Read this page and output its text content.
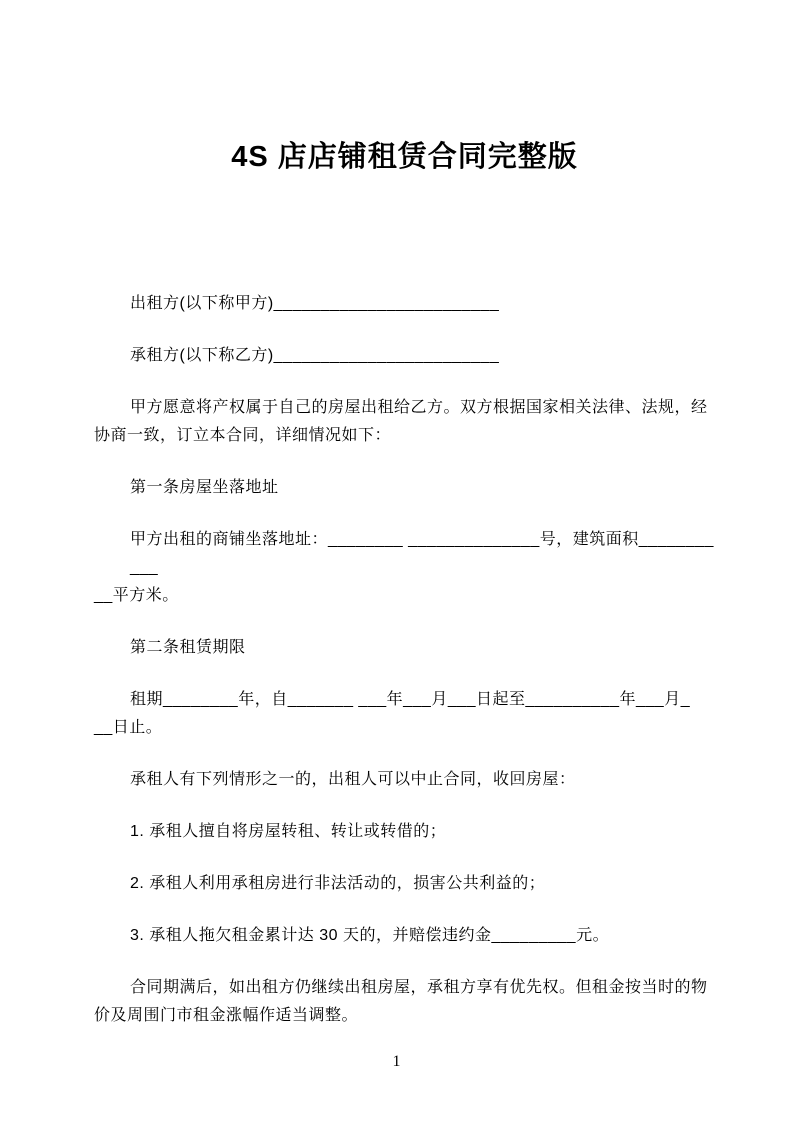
4S 店店铺租赁合同完整版
出租方(以下称甲方)________________________
承租方(以下称乙方)________________________
甲方愿意将产权属于自己的房屋出租给乙方。双方根据国家相关法律、法规，经
协商一致，订立本合同，详细情况如下：
第一条房屋坐落地址
甲方出租的商铺坐落地址：________ ______________号，建筑面积________ ___
__平方米。
第二条租赁期限
租期________年，自_______ ___年___月___日起至__________年___月_
__日止。
承租人有下列情形之一的，出租人可以中止合同，收回房屋：
1. 承租人擅自将房屋转租、转让或转借的；
2. 承租人利用承租房进行非法活动的，损害公共利益的；
3. 承租人拖欠租金累计达 30 天的，并赔偿违约金_________元。
合同期满后，如出租方仍继续出租房屋，承租方享有优先权。但租金按当时的物
价及周围门市租金涨幅作适当调整。
1
